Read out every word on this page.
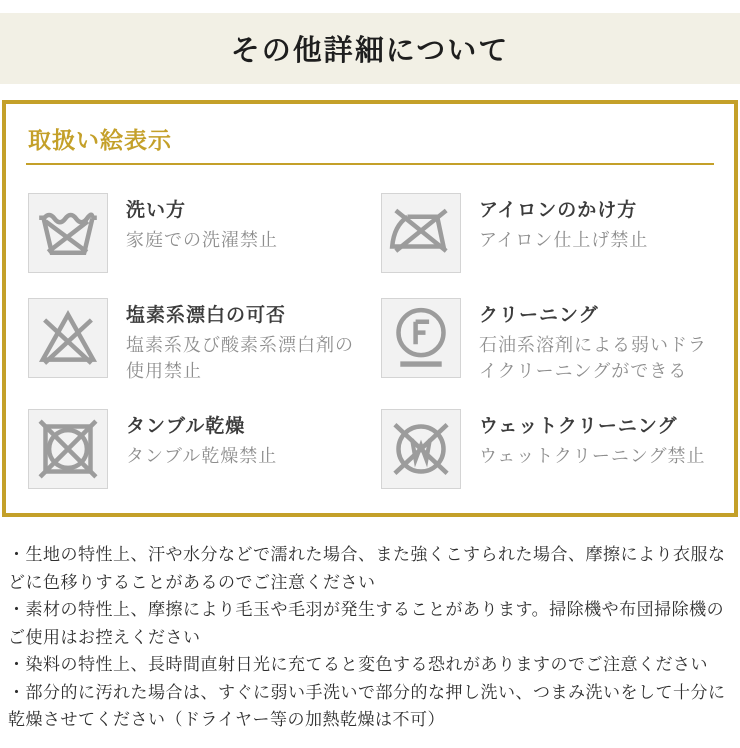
その他詳細について
取扱い絵表示
洗い方
家庭での洗濯禁止
アイロンのかけ方
アイロン仕上げ禁止
塩素系漂白の可否
塩素系及び酸素系漂白剤の使用禁止
クリーニング
石油系溶剤による弱いドライクリーニングができる
タンブル乾燥
タンブル乾燥禁止
ウェットクリーニング
ウェットクリーニング禁止

・生地の特性上、汗や水分などで濡れた場合、また強くこすられた場合、摩擦により衣服などに色移りすることがあるのでご注意ください

・素材の特性上、摩擦により毛玉や毛羽が発生することがあります。掃除機や布団掃除機のご使用はお控えください

・染料の特性上、長時間直射日光に充てると変色する恐れがありますのでご注意ください

・部分的に汚れた場合は、すぐに弱い手洗いで部分的な押し洗い、つまみ洗いをして十分に乾燥させてください（ドライヤー等の加熱乾燥は不可）
